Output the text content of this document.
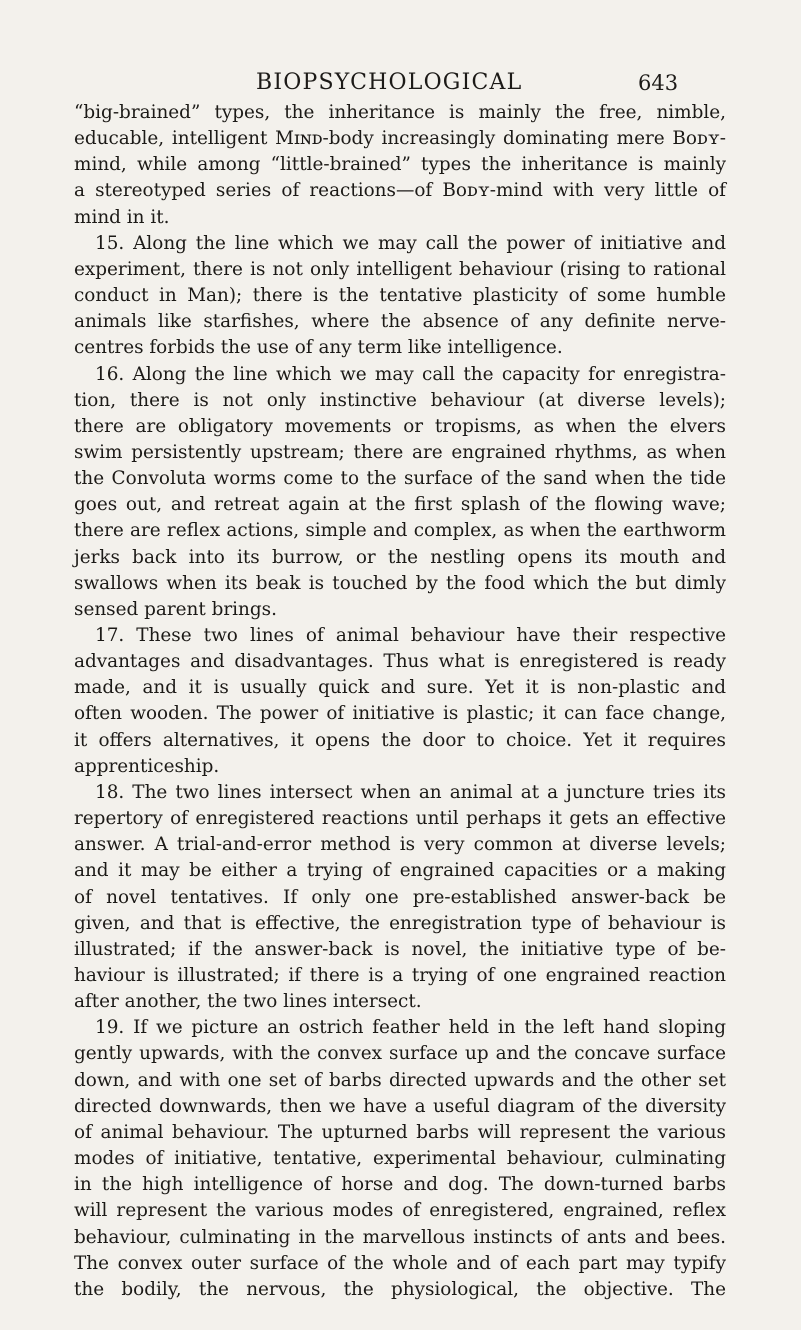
BIOPSYCHOLOGICAL	643
“big-brained” types, the inheritance is mainly the free, nimble,
educable, intelligent Mɪɴᴅ-body increasingly dominating mere Bᴏᴅʏ-
mind, while among “little-brained” types the inheritance is mainly
a stereotyped series of reactions—of Bᴏᴅʏ-mind with very little of
mind in it.
15. Along the line which we may call the power of initiative and
experiment, there is not only intelligent behaviour (rising to rational
conduct in Man); there is the tentative plasticity of some humble
animals like starfishes, where the absence of any definite nerve-
centres forbids the use of any term like intelligence.
16. Along the line which we may call the capacity for enregistra-
tion, there is not only instinctive behaviour (at diverse levels);
there are obligatory movements or tropisms, as when the elvers
swim persistently upstream; there are engrained rhythms, as when
the Convoluta worms come to the surface of the sand when the tide
goes out, and retreat again at the first splash of the flowing wave;
there are reflex actions, simple and complex, as when the earthworm
jerks back into its burrow, or the nestling opens its mouth and
swallows when its beak is touched by the food which the but dimly
sensed parent brings.
17. These two lines of animal behaviour have their respective
advantages and disadvantages. Thus what is enregistered is ready
made, and it is usually quick and sure. Yet it is non-plastic and
often wooden. The power of initiative is plastic; it can face change,
it offers alternatives, it opens the door to choice. Yet it requires
apprenticeship.
18. The two lines intersect when an animal at a juncture tries its
repertory of enregistered reactions until perhaps it gets an effective
answer. A trial-and-error method is very common at diverse levels;
and it may be either a trying of engrained capacities or a making
of novel tentatives. If only one pre-established answer-back be
given, and that is effective, the enregistration type of behaviour is
illustrated; if the answer-back is novel, the initiative type of be-
haviour is illustrated; if there is a trying of one engrained reaction
after another, the two lines intersect.
19. If we picture an ostrich feather held in the left hand sloping
gently upwards, with the convex surface up and the concave surface
down, and with one set of barbs directed upwards and the other set
directed downwards, then we have a useful diagram of the diversity
of animal behaviour. The upturned barbs will represent the various
modes of initiative, tentative, experimental behaviour, culminating
in the high intelligence of horse and dog. The down-turned barbs
will represent the various modes of enregistered, engrained, reflex
behaviour, culminating in the marvellous instincts of ants and bees.
The convex outer surface of the whole and of each part may typify
the bodily, the nervous, the physiological, the objective. The
